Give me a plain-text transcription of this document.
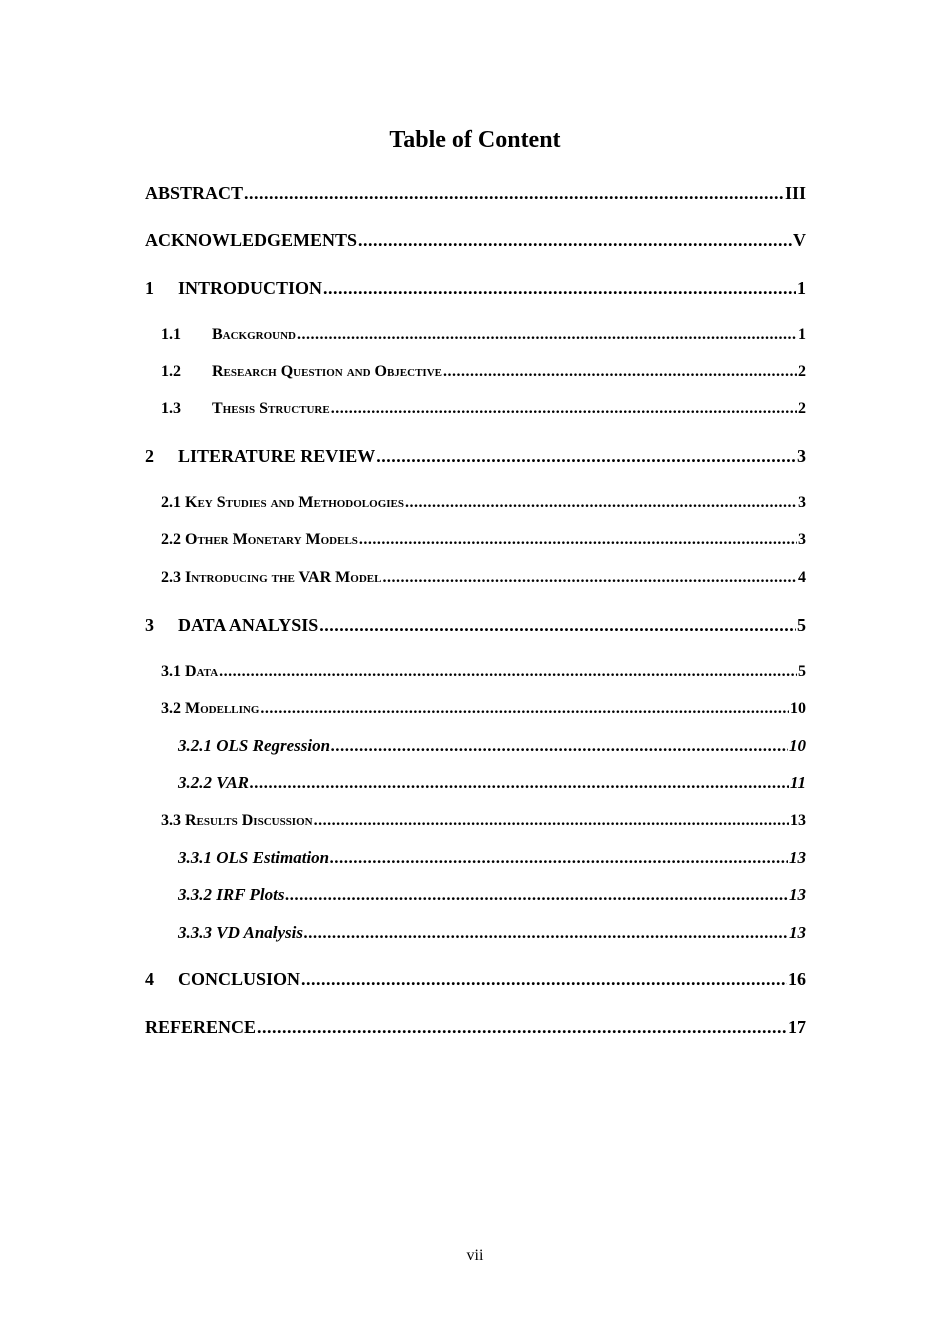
Table of Content
ABSTRACT .....	III
ACKNOWLEDGEMENTS .....	V
1	INTRODUCTION .....	1
1.1	Background .....	1
1.2	Research Question and Objective .....	2
1.3	Thesis Structure .....	2
2	LITERATURE REVIEW .....	3
2.1 Key Studies and Methodologies .....	3
2.2 Other Monetary Models .....	3
2.3 Introducing the VAR Model .....	4
3	DATA ANALYSIS .....	5
3.1 Data .....	5
3.2 Modelling .....	10
3.2.1 OLS Regression .....	10
3.2.2 VAR .....	11
3.3 Results Discussion .....	13
3.3.1 OLS Estimation .....	13
3.3.2 IRF Plots .....	13
3.3.3 VD Analysis .....	13
4	CONCLUSION .....	16
REFERENCE .....	17
vii
